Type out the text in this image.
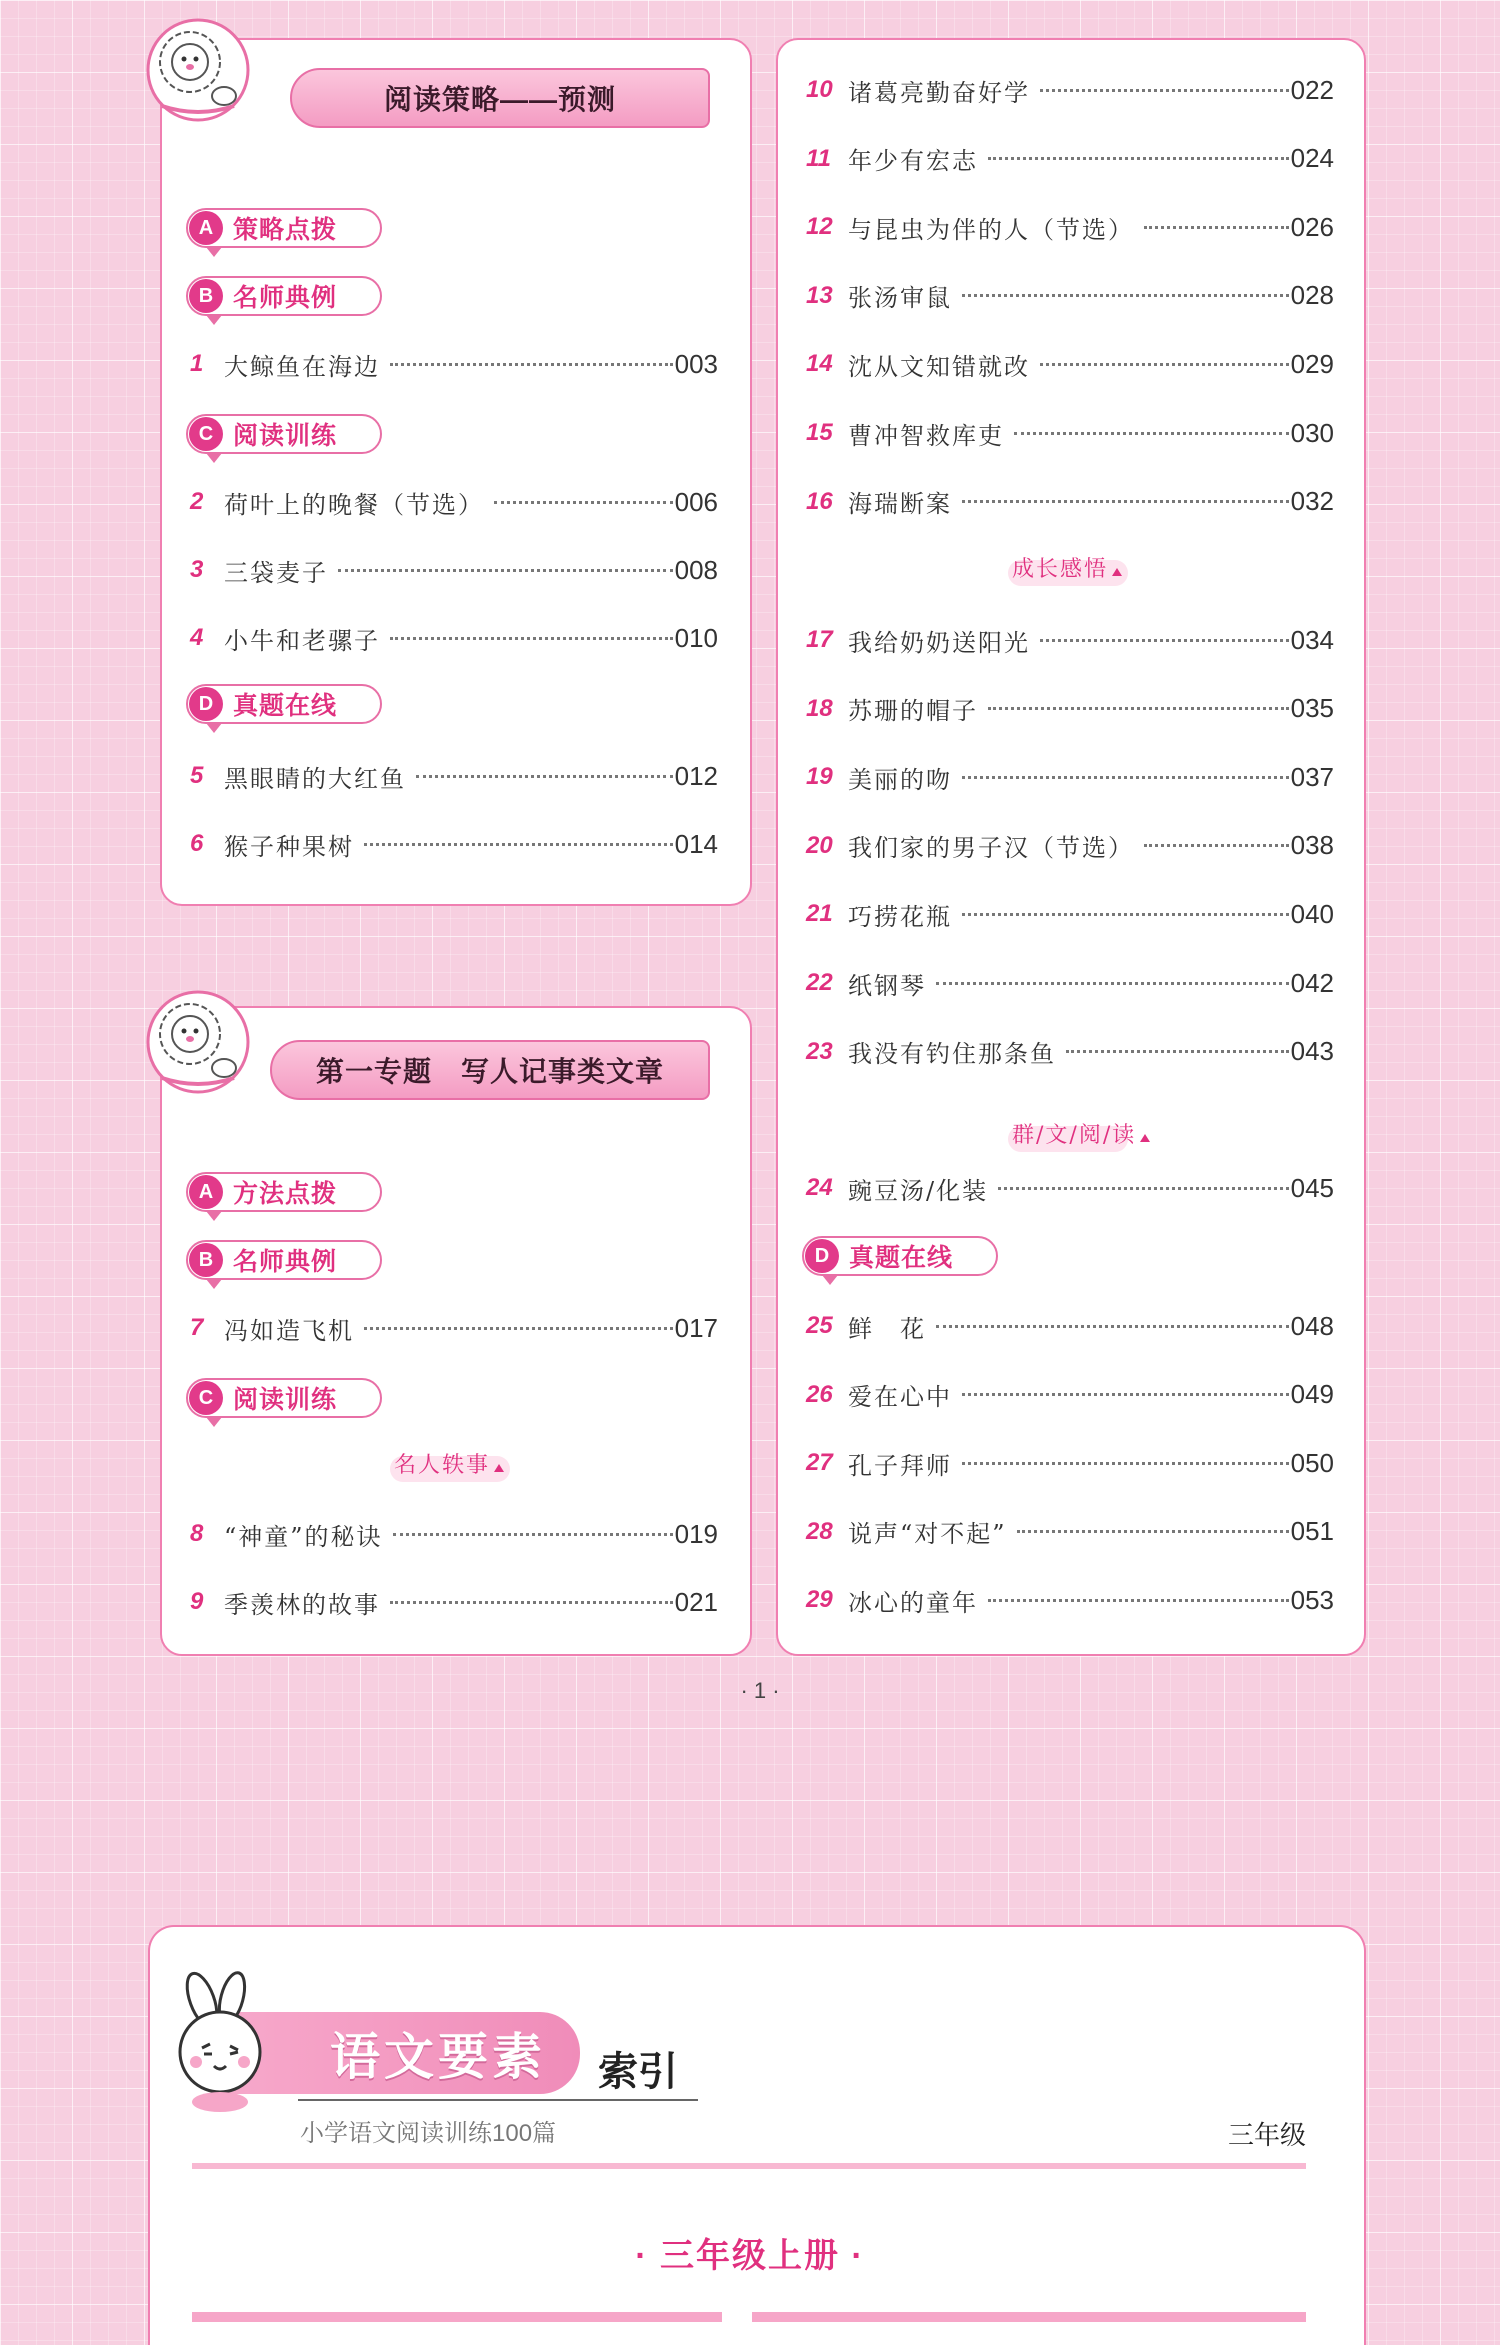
阅读策略——预测
第一专题　写人记事类文章
· 1 ·
语文要素 索引
小学语文阅读训练100篇	三年级
· 三年级上册 ·
A 策略点拨
B 名师典例
C 阅读训练
D 真题在线
1 大鲸鱼在海边	003
2 荷叶上的晚餐（节选）	006
3 三袋麦子	008
4 小牛和老骡子	010
5 黑眼睛的大红鱼	012
6 猴子种果树	014
A 方法点拨
B 名师典例
C 阅读训练
名人轶事
7 冯如造飞机	017
8 “神童”的秘诀	019
9 季羡林的故事	021
10 诸葛亮勤奋好学	022
11 年少有宏志	024
12 与昆虫为伴的人（节选）	026
13 张汤审鼠	028
14 沈从文知错就改	029
15 曹冲智救库吏	030
16 海瑞断案	032
成长感悟
17 我给奶奶送阳光	034
18 苏珊的帽子	035
19 美丽的吻	037
20 我们家的男子汉（节选）	038
21 巧捞花瓶	040
22 纸钢琴	042
23 我没有钓住那条鱼	043
群/文/阅/读
24 豌豆汤/化装	045
D 真题在线
25 鲜　花	048
26 爱在心中	049
27 孔子拜师	050
28 说声“对不起”	051
29 冰心的童年	053
